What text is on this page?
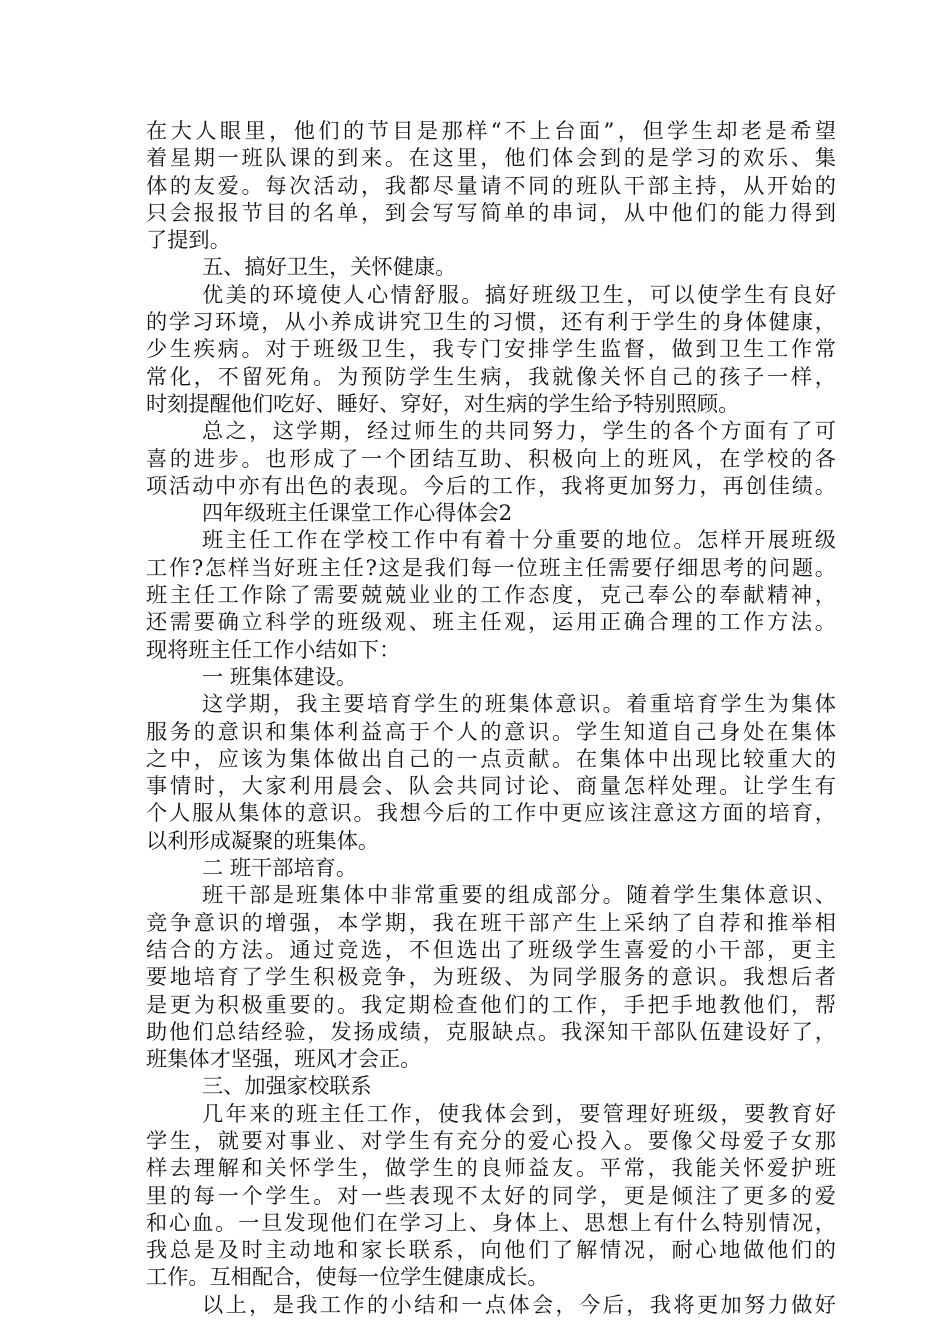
在大人眼里，他们的节目是那样“不上台面”，但学生却老是希望
着星期一班队课的到来。在这里，他们体会到的是学习的欢乐、集
体的友爱。每次活动，我都尽量请不同的班队干部主持，从开始的
只会报报节目的名单，到会写写简单的串词，从中他们的能力得到
了提到。
五、搞好卫生，关怀健康。
优美的环境使人心情舒服。搞好班级卫生，可以使学生有良好
的学习环境，从小养成讲究卫生的习惯，还有利于学生的身体健康，
少生疾病。对于班级卫生，我专门安排学生监督，做到卫生工作常
常化，不留死角。为预防学生生病，我就像关怀自己的孩子一样，
时刻提醒他们吃好、睡好、穿好，对生病的学生给予特别照顾。
总之，这学期，经过师生的共同努力，学生的各个方面有了可
喜的进步。也形成了一个团结互助、积极向上的班风，在学校的各
项活动中亦有出色的表现。今后的工作，我将更加努力，再创佳绩。
四年级班主任课堂工作心得体会2
班主任工作在学校工作中有着十分重要的地位。怎样开展班级
工作?怎样当好班主任?这是我们每一位班主任需要仔细思考的问题。
班主任工作除了需要兢兢业业的工作态度，克己奉公的奉献精神，
还需要确立科学的班级观、班主任观，运用正确合理的工作方法。
现将班主任工作小结如下：
一 班集体建设。
这学期，我主要培育学生的班集体意识。着重培育学生为集体
服务的意识和集体利益高于个人的意识。学生知道自己身处在集体
之中，应该为集体做出自己的一点贡献。在集体中出现比较重大的
事情时，大家利用晨会、队会共同讨论、商量怎样处理。让学生有
个人服从集体的意识。我想今后的工作中更应该注意这方面的培育，
以利形成凝聚的班集体。
二 班干部培育。
班干部是班集体中非常重要的组成部分。随着学生集体意识、
竞争意识的增强，本学期，我在班干部产生上采纳了自荐和推举相
结合的方法。通过竞选，不但选出了班级学生喜爱的小干部，更主
要地培育了学生积极竞争，为班级、为同学服务的意识。我想后者
是更为积极重要的。我定期检查他们的工作，手把手地教他们，帮
助他们总结经验，发扬成绩，克服缺点。我深知干部队伍建设好了，
班集体才坚强，班风才会正。
三、加强家校联系
几年来的班主任工作，使我体会到，要管理好班级，要教育好
学生，就要对事业、对学生有充分的爱心投入。要像父母爱子女那
样去理解和关怀学生，做学生的良师益友。平常，我能关怀爱护班
里的每一个学生。对一些表现不太好的同学，更是倾注了更多的爱
和心血。一旦发现他们在学习上、身体上、思想上有什么特别情况，
我总是及时主动地和家长联系，向他们了解情况，耐心地做他们的
工作。互相配合，使每一位学生健康成长。
以上，是我工作的小结和一点体会，今后，我将更加努力做好
